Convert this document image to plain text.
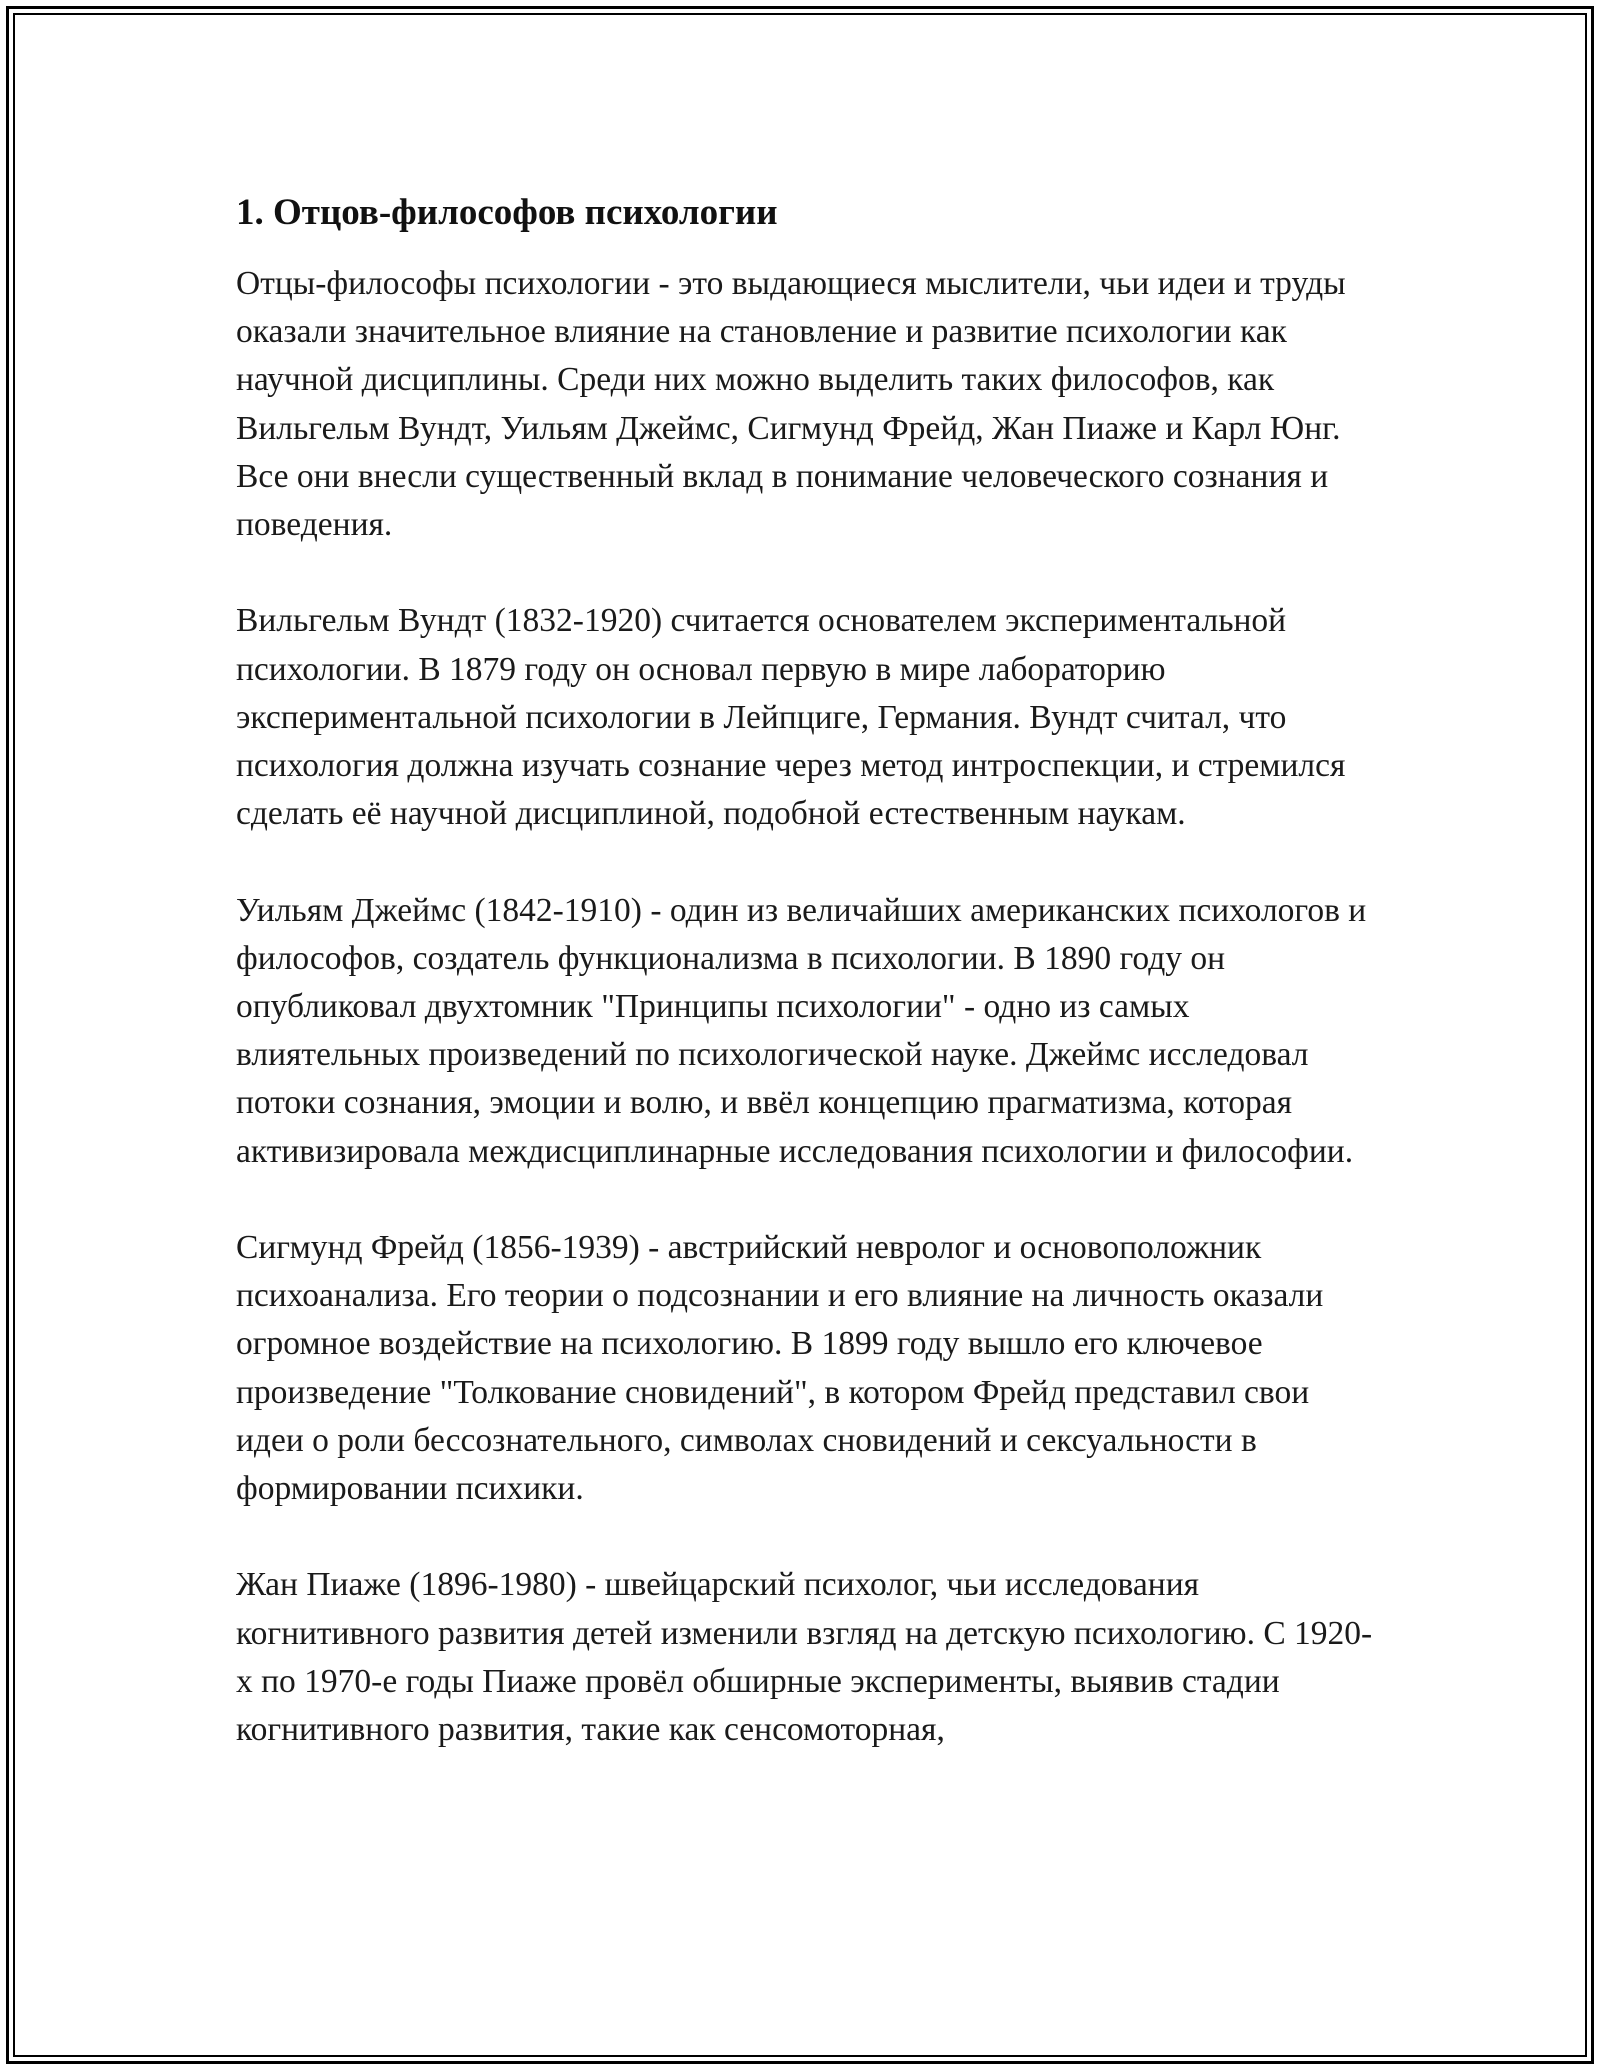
1. Отцов-философов психологии

Отцы-философы психологии - это выдающиеся мыслители, чьи идеи и труды оказали значительное влияние на становление и развитие психологии как научной дисциплины. Среди них можно выделить таких философов, как Вильгельм Вундт, Уильям Джеймс, Сигмунд Фрейд, Жан Пиаже и Карл Юнг. Все они внесли существенный вклад в понимание человеческого сознания и поведения.

Вильгельм Вундт (1832-1920) считается основателем экспериментальной психологии. В 1879 году он основал первую в мире лабораторию экспериментальной психологии в Лейпциге, Германия. Вундт считал, что психология должна изучать сознание через метод интроспекции, и стремился сделать её научной дисциплиной, подобной естественным наукам.

Уильям Джеймс (1842-1910) - один из величайших американских психологов и философов, создатель функционализма в психологии. В 1890 году он опубликовал двухтомник "Принципы психологии" - одно из самых влиятельных произведений по психологической науке. Джеймс исследовал потоки сознания, эмоции и волю, и ввёл концепцию прагматизма, которая активизировала междисциплинарные исследования психологии и философии.

Сигмунд Фрейд (1856-1939) - австрийский невролог и основоположник психоанализа. Его теории о подсознании и его влияние на личность оказали огромное воздействие на психологию. В 1899 году вышло его ключевое произведение "Толкование сновидений", в котором Фрейд представил свои идеи о роли бессознательного, символах сновидений и сексуальности в формировании психики.

Жан Пиаже (1896-1980) - швейцарский психолог, чьи исследования когнитивного развития детей изменили взгляд на детскую психологию. С 1920-х по 1970-е годы Пиаже провёл обширные эксперименты, выявив стадии когнитивного развития, такие как сенсомоторная,
